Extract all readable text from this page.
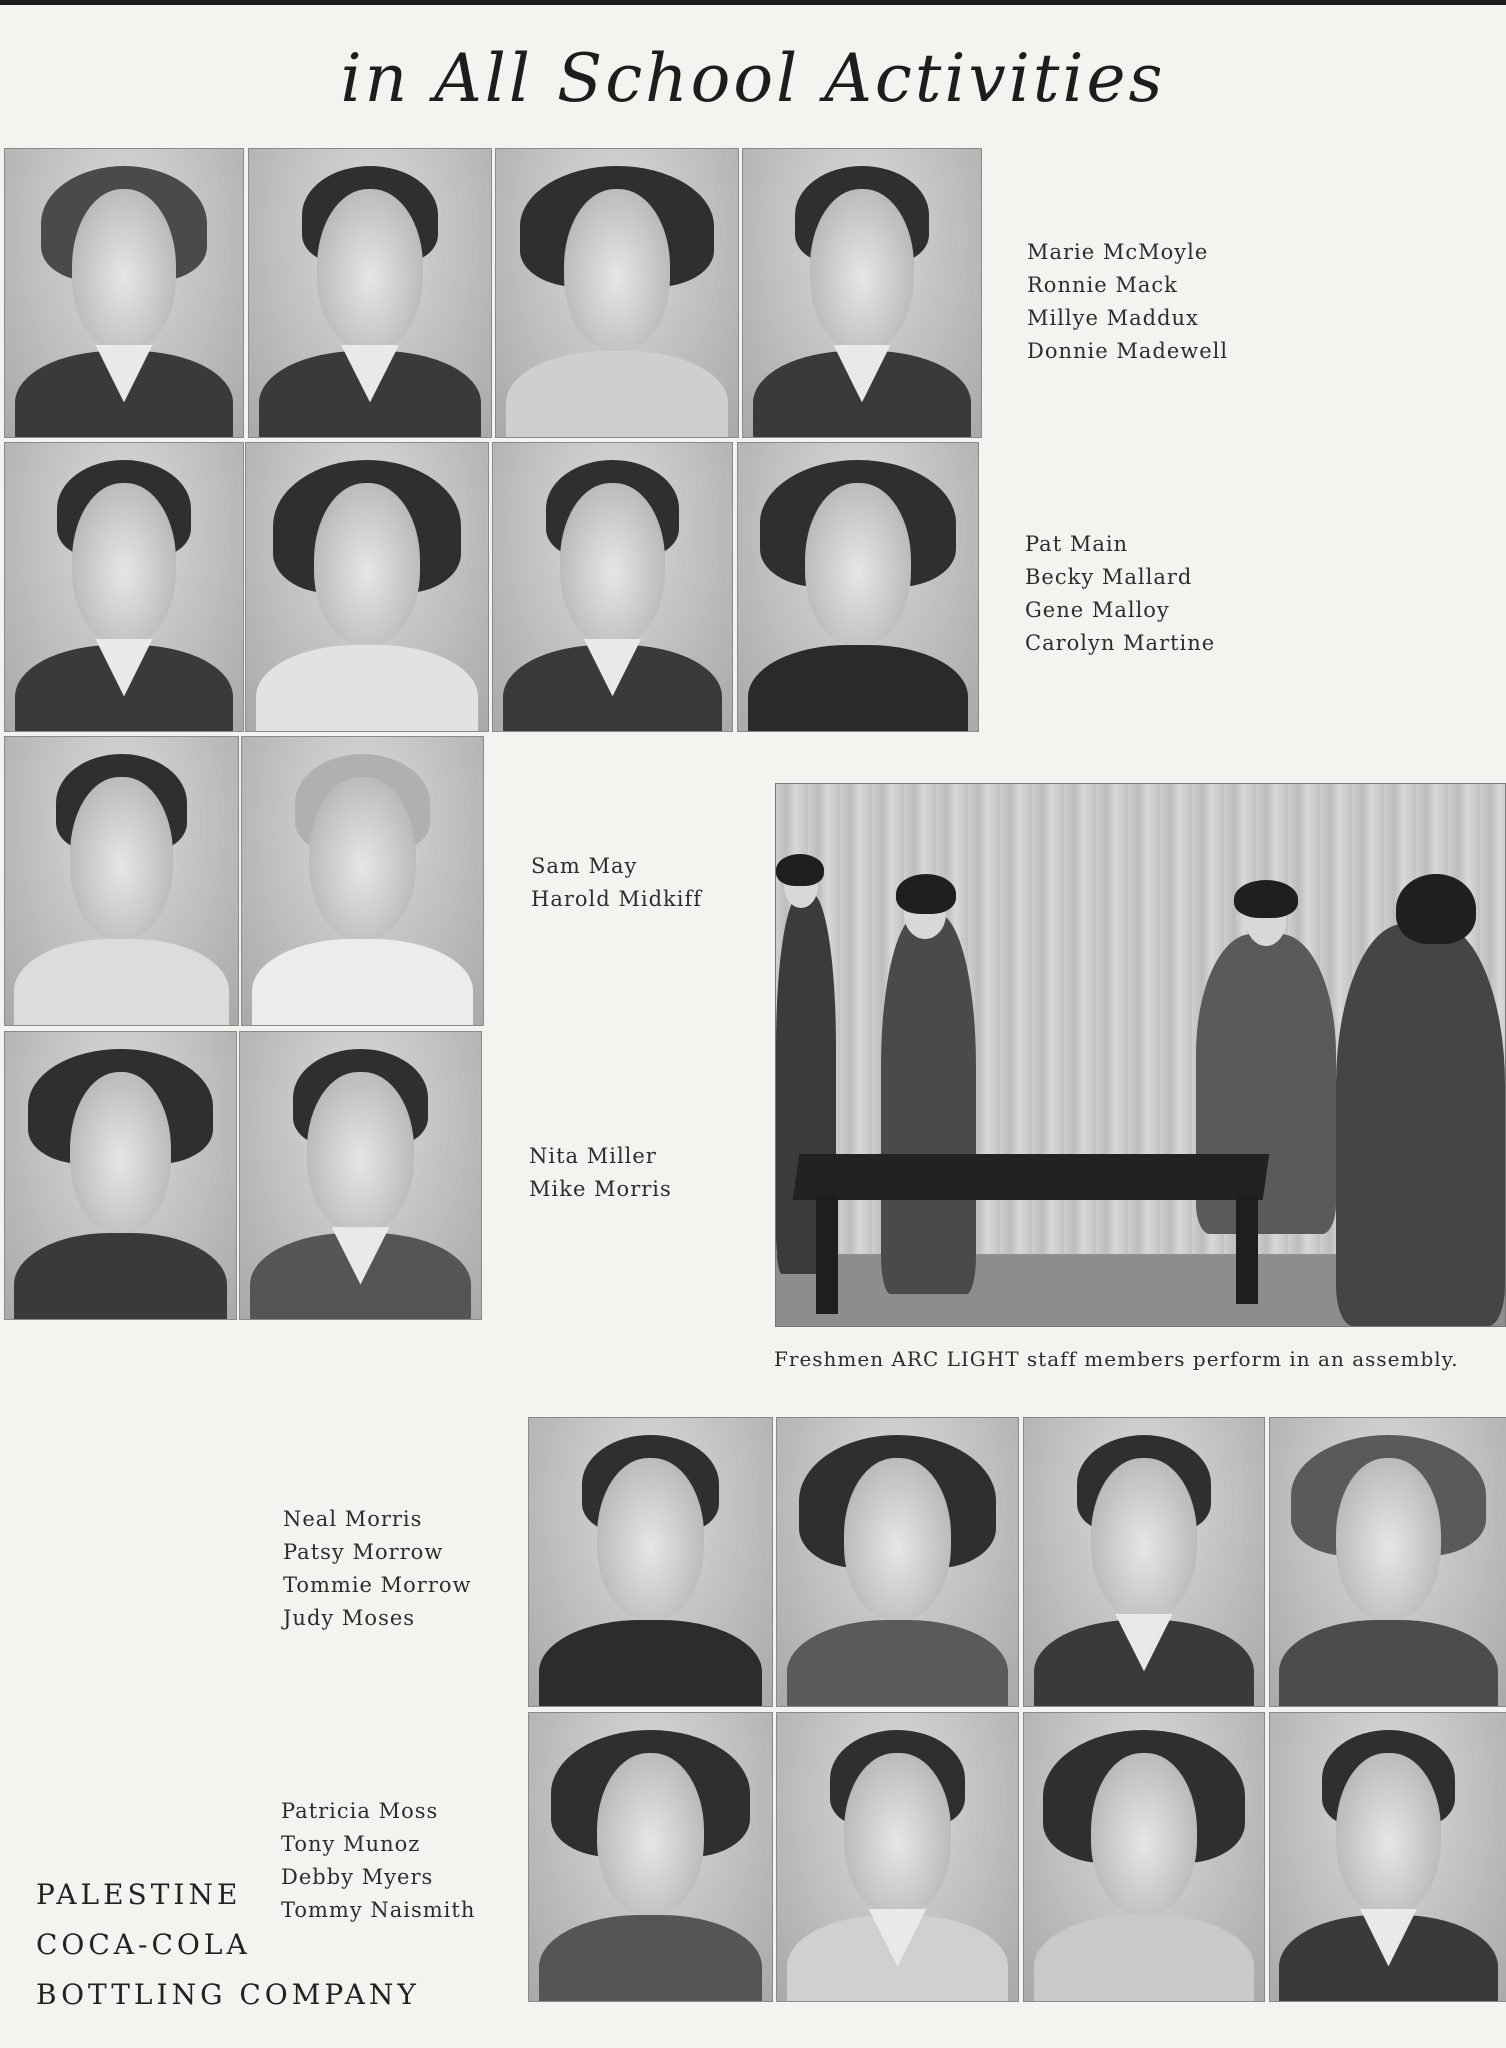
in All School Activities
Marie McMoyle
Ronnie Mack
Millye Maddux
Donnie Madewell
Pat Main
Becky Mallard
Gene Malloy
Carolyn Martine
Sam May
Harold Midkiff
Nita Miller
Mike Morris
Freshmen ARC LIGHT staff members perform in an assembly.
Neal Morris
Patsy Morrow
Tommie Morrow
Judy Moses
Patricia Moss
Tony Munoz
Debby Myers
Tommy Naismith
PALESTINE
COCA-COLA
BOTTLING COMPANY
